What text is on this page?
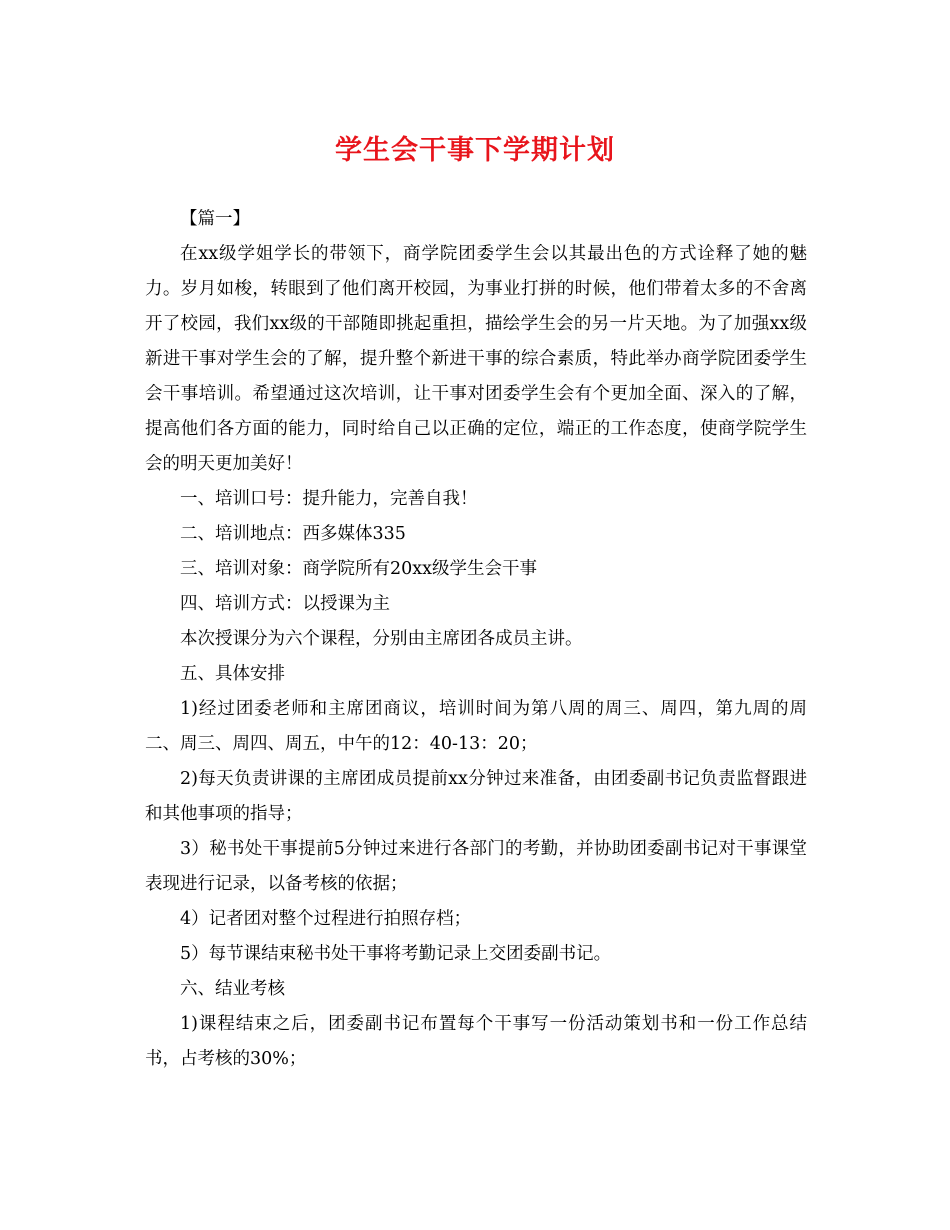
学生会干事下学期计划

【篇一】

在xx级学姐学长的带领下，商学院团委学生会以其最出色的方式诠释了她的魅力。岁月如梭，转眼到了他们离开校园，为事业打拼的时候，他们带着太多的不舍离开了校园，我们xx级的干部随即挑起重担，描绘学生会的另一片天地。为了加强xx级新进干事对学生会的了解，提升整个新进干事的综合素质，特此举办商学院团委学生会干事培训。希望通过这次培训，让干事对团委学生会有个更加全面、深入的了解，提高他们各方面的能力，同时给自己以正确的定位，端正的工作态度，使商学院学生会的明天更加美好！

一、培训口号：提升能力，完善自我！

二、培训地点：西多媒体335

三、培训对象：商学院所有20xx级学生会干事

四、培训方式：以授课为主

本次授课分为六个课程，分别由主席团各成员主讲。

五、具体安排

1)经过团委老师和主席团商议，培训时间为第八周的周三、周四，第九周的周二、周三、周四、周五，中午的12：40-13：20；

2)每天负责讲课的主席团成员提前xx分钟过来准备，由团委副书记负责监督跟进和其他事项的指导；

3）秘书处干事提前5分钟过来进行各部门的考勤，并协助团委副书记对干事课堂表现进行记录，以备考核的依据；

4）记者团对整个过程进行拍照存档；

5）每节课结束秘书处干事将考勤记录上交团委副书记。

六、结业考核

1)课程结束之后，团委副书记布置每个干事写一份活动策划书和一份工作总结书，占考核的30%；
